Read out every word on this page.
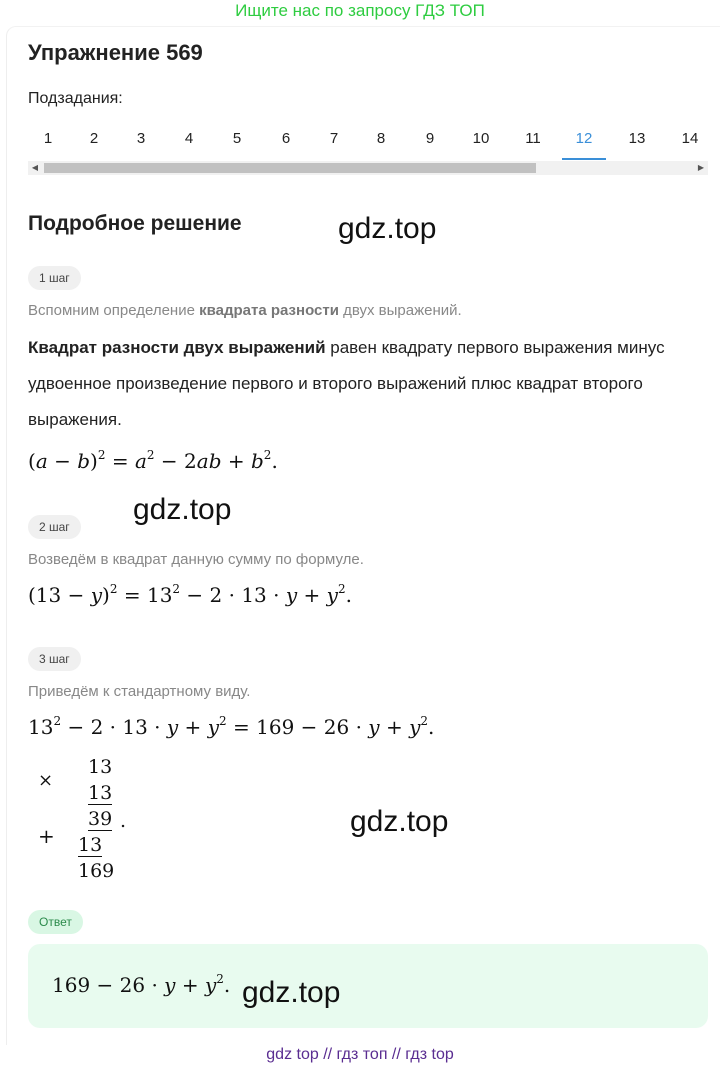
Ищите нас по запросу ГДЗ ТОП
Упражнение 569
Подзадания:
1	2	3	4	5	6	7	8	9	10	11	12	13	14
◀	▶
Подробное решение	gdz.top
1 шаг
Вспомним определение квадрата разности двух выражений.
Квадрат разности двух выражений равен квадрату первого выражения минус удвоенное произведение первого и второго выражений плюс квадрат второго выражения.
$(a - b)^2 = a^2 - 2ab + b^2$.
gdz.top
2 шаг
Возведём в квадрат данную сумму по формуле.
$(13 - y)^2 = 13^2 - 2 \cdot 13 \cdot y + y^2$.
3 шаг
Приведём к стандартному виду.
$13^2 - 2 \cdot 13 \cdot y + y^2 = 169 - 26 \cdot y + y^2$.
×
13
13
39 .
+ 13
169
gdz.top
Ответ
$169 - 26 \cdot y + y^2$. gdz.top
gdz top // гдз топ // гдз top
